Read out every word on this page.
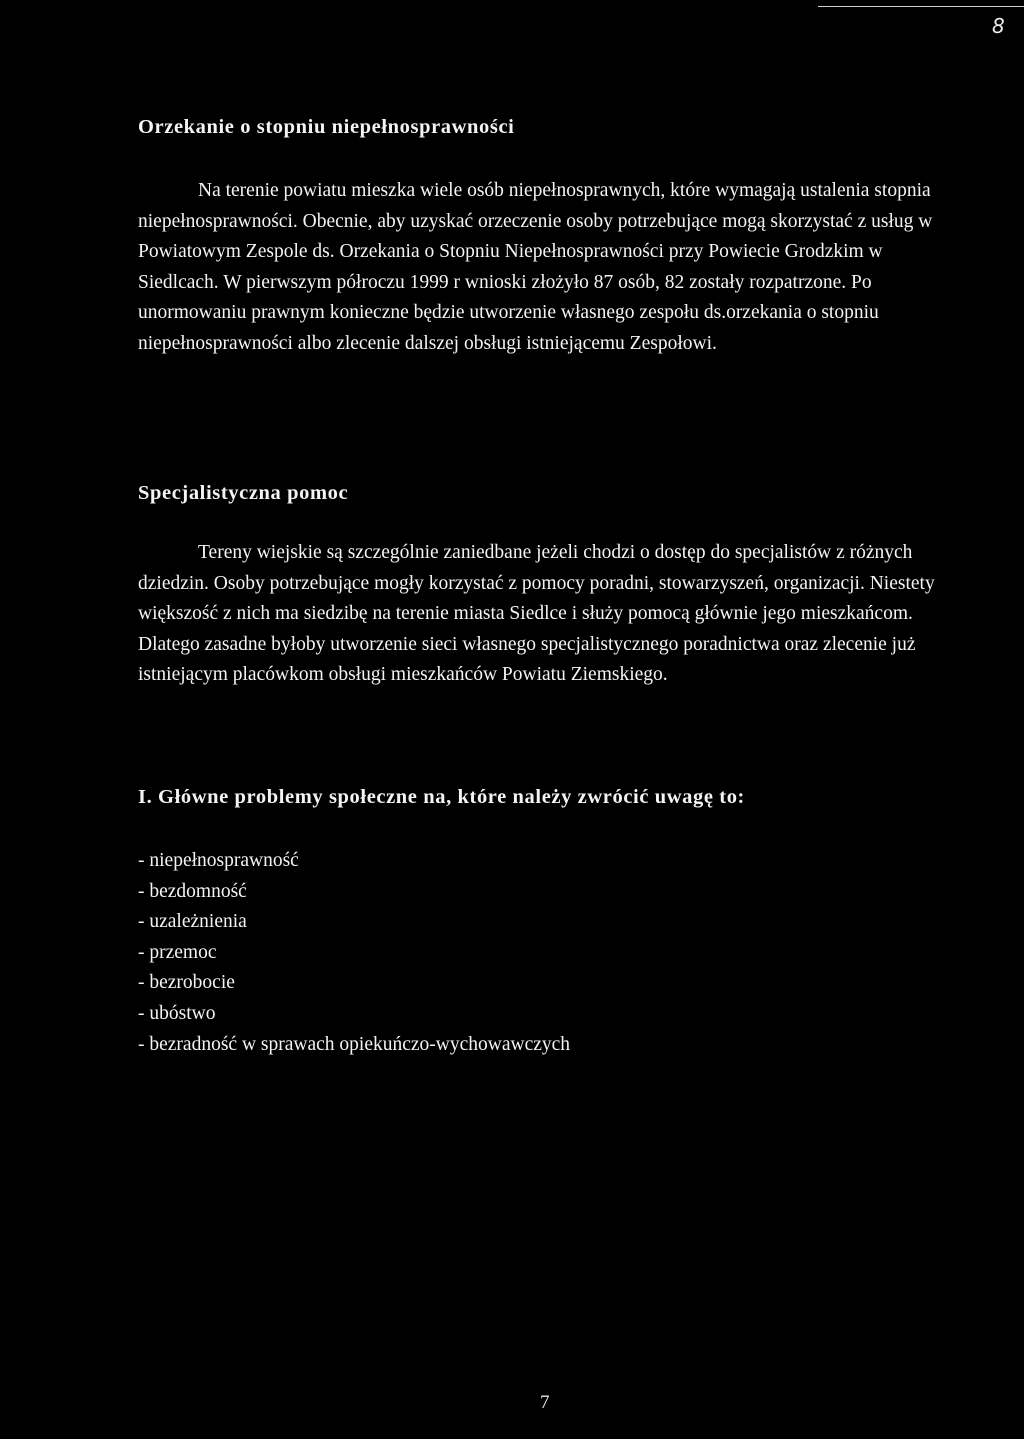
8
Orzekanie o stopniu niepełnosprawności

Na terenie powiatu mieszka wiele osób niepełnosprawnych, które wymagają ustalenia stopnia niepełnosprawności. Obecnie, aby uzyskać orzeczenie osoby potrzebujące mogą skorzystać z usług w Powiatowym Zespole ds. Orzekania o Stopniu Niepełnosprawności przy Powiecie Grodzkim w Siedlcach. W pierwszym półroczu 1999 r wnioski złożyło 87 osób, 82 zostały rozpatrzone. Po unormowaniu prawnym konieczne będzie utworzenie własnego zespołu ds.orzekania o stopniu niepełnosprawności albo zlecenie dalszej obsługi istniejącemu Zespołowi.

Specjalistyczna pomoc

Tereny wiejskie są szczególnie zaniedbane jeżeli chodzi o dostęp do specjalistów z różnych dziedzin. Osoby potrzebujące mogły korzystać z pomocy poradni, stowarzyszeń, organizacji. Niestety większość z nich ma siedzibę na terenie miasta Siedlce i służy pomocą głównie jego mieszkańcom. Dlatego zasadne byłoby utworzenie sieci własnego specjalistycznego poradnictwa oraz zlecenie już istniejącym placówkom obsługi mieszkańców Powiatu Ziemskiego.

I. Główne problemy społeczne na, które należy zwrócić uwagę to:
- niepełnosprawność
- bezdomność
- uzależnienia
- przemoc
- bezrobocie
- ubóstwo
- bezradność w sprawach opiekuńczo-wychowawczych
7
